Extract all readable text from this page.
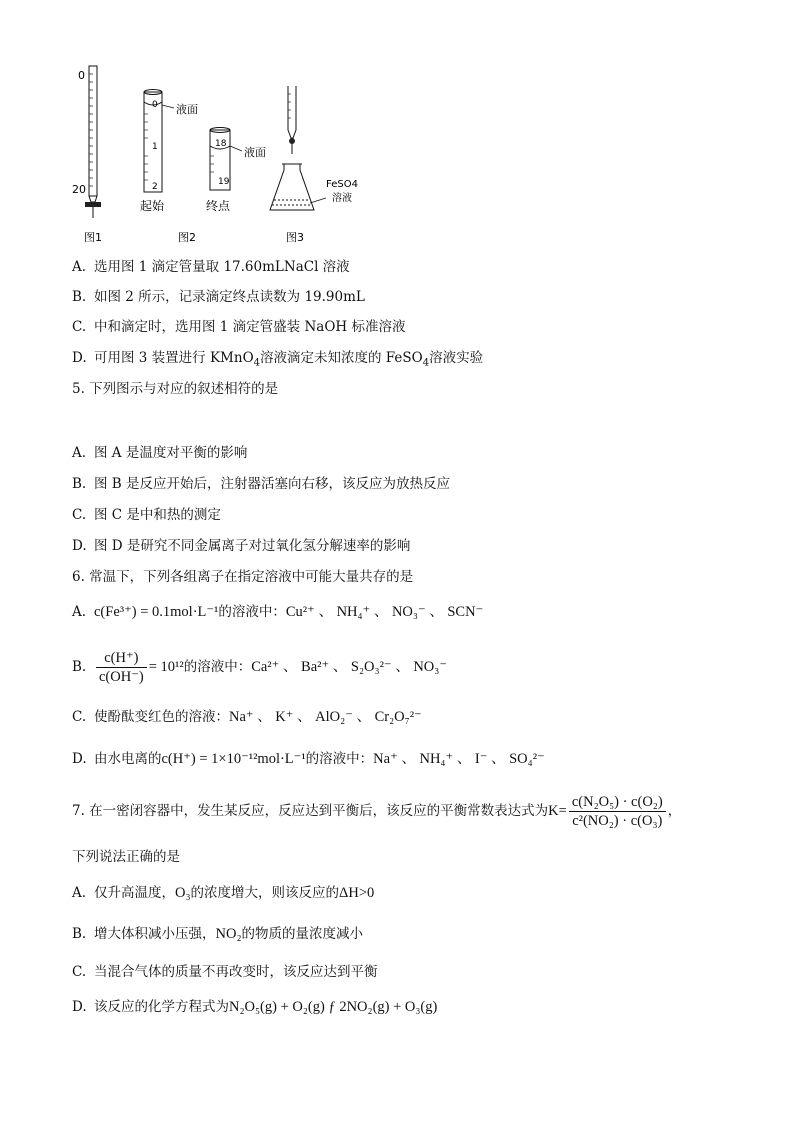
0
20
图1
0
1
2
液面
起始
18
19
液面
终点
图2
FeSO4
溶液
图3
A. 选用图 1 滴定管量取 17.60mLNaCl 溶液
B. 如图 2 所示，记录滴定终点读数为 19.90mL
C. 中和滴定时，选用图 1 滴定管盛装 NaOH 标准溶液
D. 可用图 3 装置进行 KMnO$_4$溶液滴定未知浓度的 FeSO$_4$溶液实验
5. 下列图示与对应的叙述相符的是
A. 图 A 是温度对平衡的影响
B. 图 B 是反应开始后，注射器活塞向右移，该反应为放热反应
C. 图 C 是中和热的测定
D. 图 D 是研究不同金属离子对过氧化氢分解速率的影响
6. 常温下，下列各组离子在指定溶液中可能大量共存的是
A. c(Fe³⁺) = 0.1mol·L⁻¹的溶液中：Cu²⁺ 、 NH₄⁺ 、 NO₃⁻ 、 SCN⁻
B. $\frac{c(H^+)}{c(OH^-)} = 10^{12}$的溶液中：Ca²⁺ 、 Ba²⁺ 、 S₂O₃²⁻ 、 NO₃⁻
C. 使酚酞变红色的溶液：Na⁺ 、 K⁺ 、 AlO₂⁻ 、 Cr₂O₇²⁻
D. 由水电离的c(H⁺) = 1×10⁻¹²mol·L⁻¹的溶液中：Na⁺ 、 NH₄⁺ 、 I⁻ 、 SO₄²⁻
7. 在一密闭容器中，发生某反应，反应达到平衡后，该反应的平衡常数表达式为$K= \frac{\text{c(N₂O₅) · c(O₂)}}{\text{c²(NO₂) · c(O₃)}}$ ，
下列说法正确的是
A. 仅升高温度，O₃的浓度增大，则该反应的ΔH>0
B. 增大体积减小压强，NO₂的物质的量浓度减小
C. 当混合气体的质量不再改变时，该反应达到平衡
D. 该反应的化学方程式为N₂O₅(g) + O₂(g) ƒ 2NO₂(g) + O₃(g)
